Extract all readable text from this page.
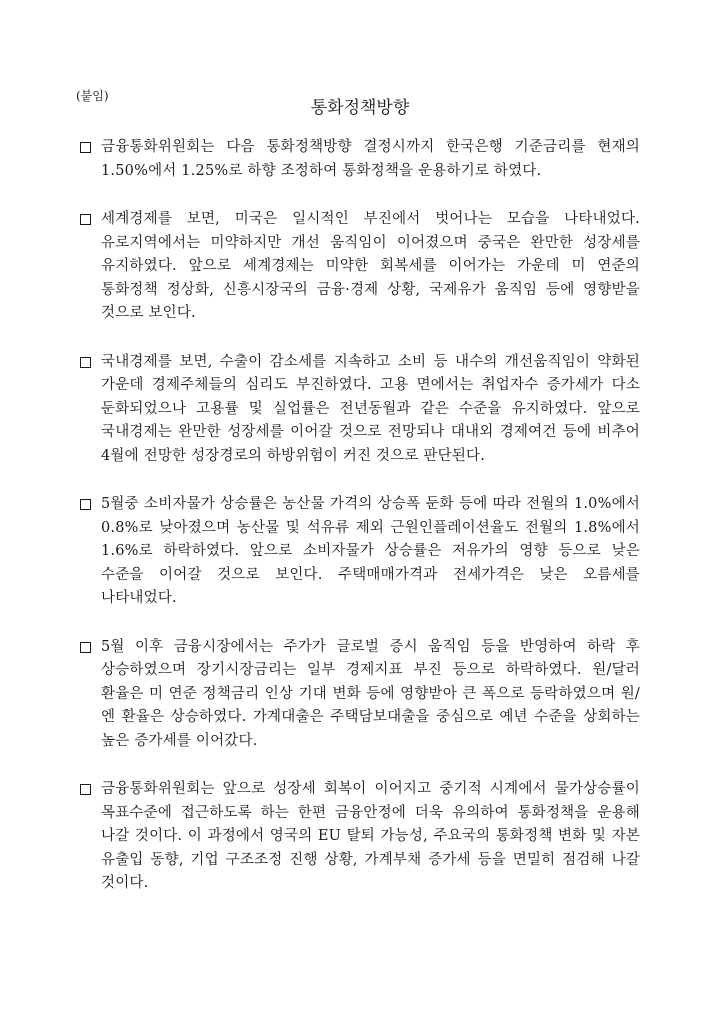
(붙임)
통화정책방향
금융통화위원회는 다음 통화정책방향 결정시까지 한국은행 기준금리를 현재의 1.50%에서 1.25%로 하향 조정하여 통화정책을 운용하기로 하였다.
세계경제를 보면, 미국은 일시적인 부진에서 벗어나는 모습을 나타내었다. 유로지역에서는 미약하지만 개선 움직임이 이어졌으며 중국은 완만한 성장세를 유지하였다. 앞으로 세계경제는 미약한 회복세를 이어가는 가운데 미 연준의 통화정책 정상화, 신흥시장국의 금융·경제 상황, 국제유가 움직임 등에 영향받을 것으로 보인다.
국내경제를 보면, 수출이 감소세를 지속하고 소비 등 내수의 개선움직임이 약화된 가운데 경제주체들의 심리도 부진하였다. 고용 면에서는 취업자수 증가세가 다소 둔화되었으나 고용률 및 실업률은 전년동월과 같은 수준을 유지하였다. 앞으로 국내경제는 완만한 성장세를 이어갈 것으로 전망되나 대내외 경제여건 등에 비추어 4월에 전망한 성장경로의 하방위험이 커진 것으로 판단된다.
5월중 소비자물가 상승률은 농산물 가격의 상승폭 둔화 등에 따라 전월의 1.0%에서 0.8%로 낮아졌으며 농산물 및 석유류 제외 근원인플레이션율도 전월의 1.8%에서 1.6%로 하락하였다. 앞으로 소비자물가 상승률은 저유가의 영향 등으로 낮은 수준을 이어갈 것으로 보인다. 주택매매가격과 전세가격은 낮은 오름세를 나타내었다.
5월 이후 금융시장에서는 주가가 글로벌 증시 움직임 등을 반영하여 하락 후 상승하였으며 장기시장금리는 일부 경제지표 부진 등으로 하락하였다. 원/달러 환율은 미 연준 정책금리 인상 기대 변화 등에 영향받아 큰 폭으로 등락하였으며 원/엔 환율은 상승하였다. 가계대출은 주택담보대출을 중심으로 예년 수준을 상회하는 높은 증가세를 이어갔다.
금융통화위원회는 앞으로 성장세 회복이 이어지고 중기적 시계에서 물가상승률이 목표수준에 접근하도록 하는 한편 금융안정에 더욱 유의하여 통화정책을 운용해 나갈 것이다. 이 과정에서 영국의 EU 탈퇴 가능성, 주요국의 통화정책 변화 및 자본 유출입 동향, 기업 구조조정 진행 상황, 가계부채 증가세 등을 면밀히 점검해 나갈 것이다.
